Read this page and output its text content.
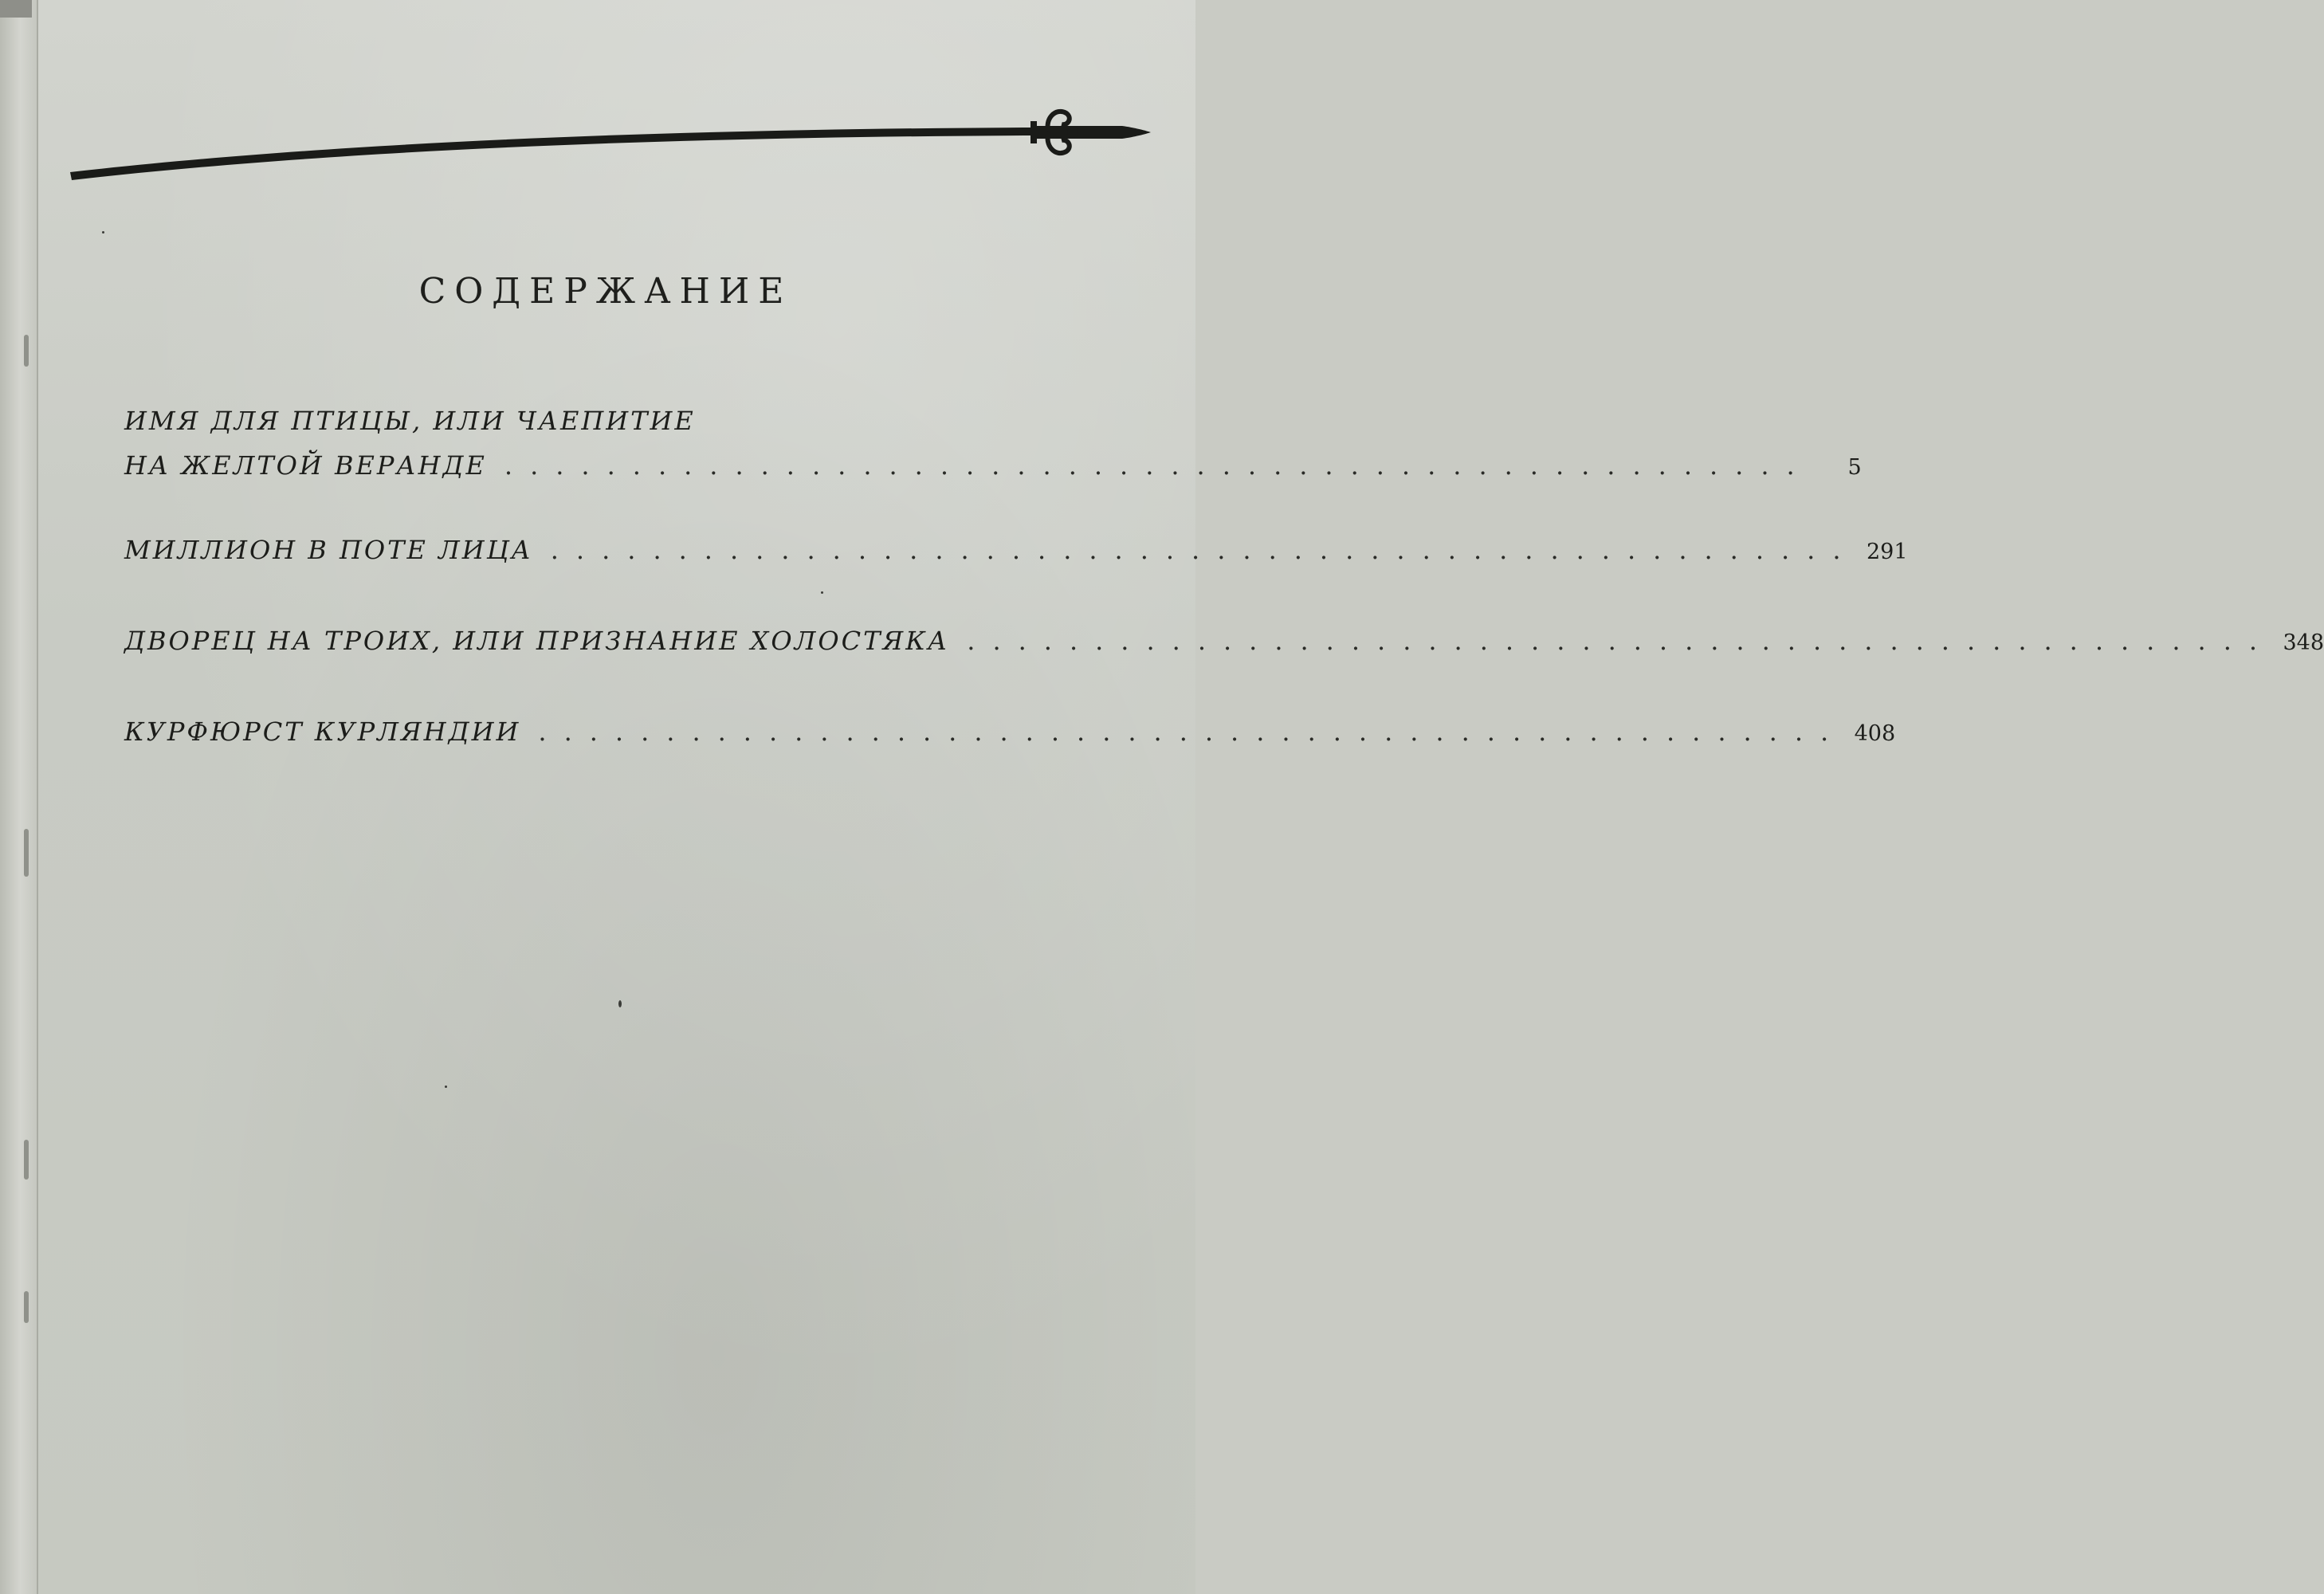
СОДЕРЖАНИЕ
ИМЯ ДЛЯ ПТИЦЫ, ИЛИ ЧАЕПИТИЕ
НА ЖЕЛТОЙ ВЕРАНДЕ ...................................................	5
МИЛЛИОН В ПОТЕ ЛИЦА ................................................... 291
ДВОРЕЦ НА ТРОИХ, ИЛИ ПРИЗНАНИЕ ХОЛОСТЯКА ................................................... 348
КУРФЮРСТ КУРЛЯНДИИ ................................................... 408
